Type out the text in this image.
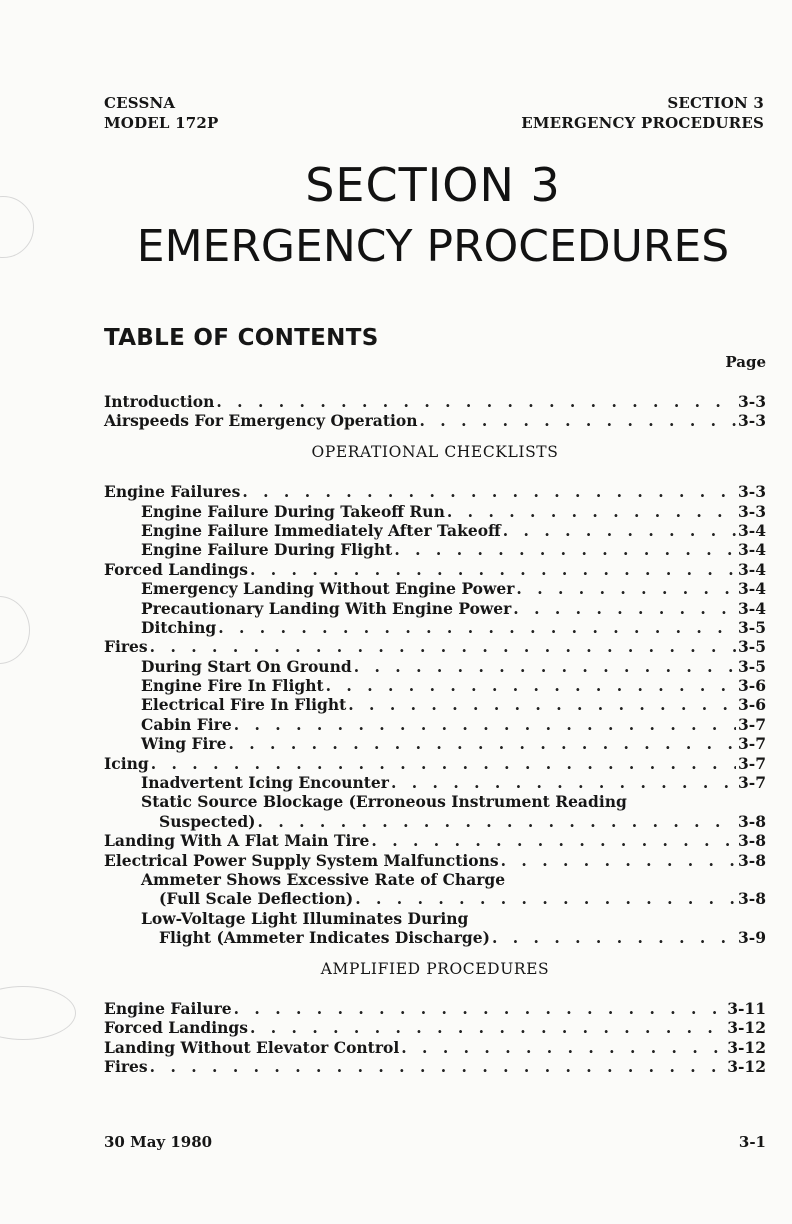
CESSNA
MODEL 172P
SECTION 3
EMERGENCY PROCEDURES
SECTION 3
EMERGENCY PROCEDURES
TABLE OF CONTENTS
Page
Introduction . . .	3-3
Airspeeds For Emergency Operation . . .	3-3
OPERATIONAL CHECKLISTS
Engine Failures . . .	3-3
Engine Failure During Takeoff Run . . .	3-3
Engine Failure Immediately After Takeoff . . .	3-4
Engine Failure During Flight . . .	3-4
Forced Landings . . .	3-4
Emergency Landing Without Engine Power . . .	3-4
Precautionary Landing With Engine Power . . .	3-4
Ditching . . .	3-5
Fires . . .	3-5
During Start On Ground . . .	3-5
Engine Fire In Flight . . .	3-6
Electrical Fire In Flight . . .	3-6
Cabin Fire . . .	3-7
Wing Fire . . .	3-7
Icing . . .	3-7
Inadvertent Icing Encounter . . .	3-7
Static Source Blockage (Erroneous Instrument Reading
Suspected) . . .	3-8
Landing With A Flat Main Tire . . .	3-8
Electrical Power Supply System Malfunctions . . .	3-8
Ammeter Shows Excessive Rate of Charge
(Full Scale Deflection) . . .	3-8
Low-Voltage Light Illuminates During
Flight (Ammeter Indicates Discharge) . . .	3-9
AMPLIFIED PROCEDURES
Engine Failure . . .	3-11
Forced Landings . . .	3-12
Landing Without Elevator Control . . .	3-12
Fires . . .	3-12
30 May 1980	3-1
